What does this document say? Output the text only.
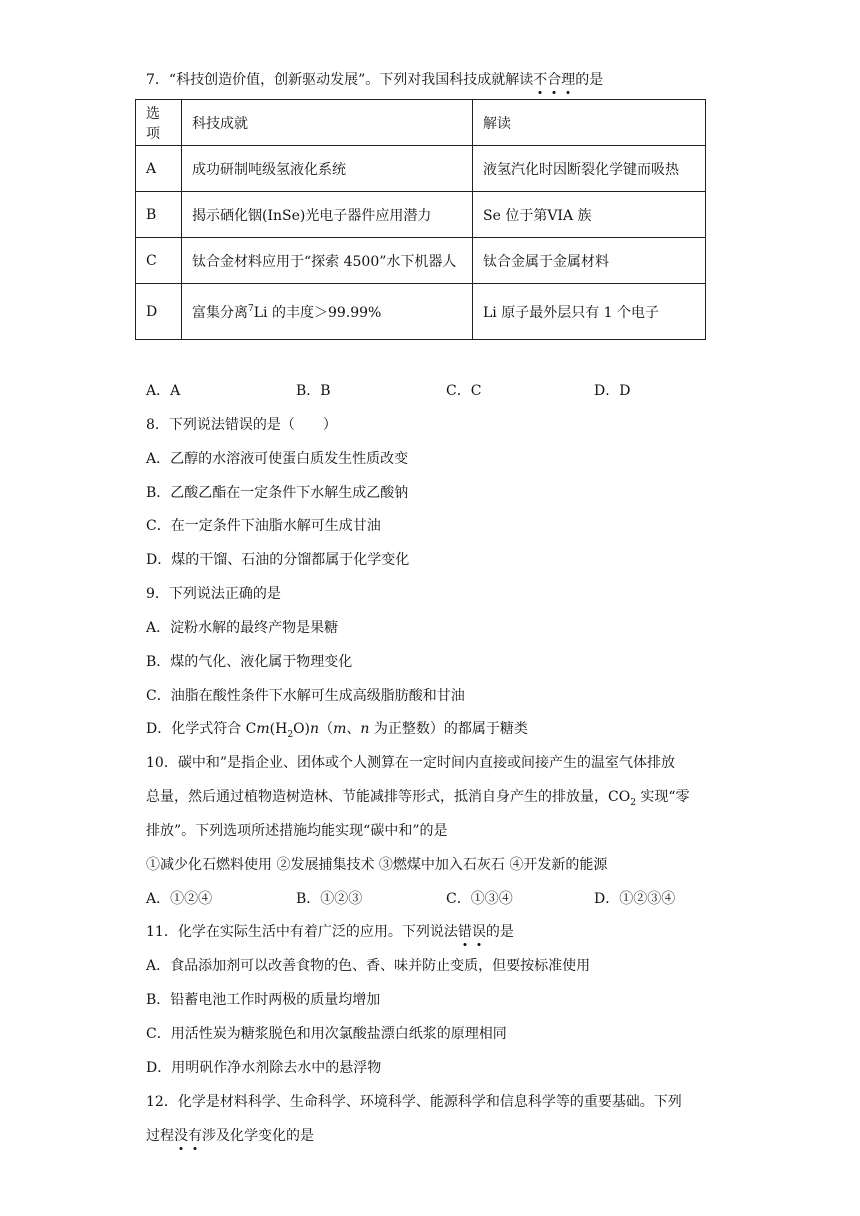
7．“科技创造价值，创新驱动发展”。下列对我国科技成就解读不合理的是
选项	科技成就	解读
A	成功研制吨级氢液化系统	液氢汽化时因断裂化学键而吸热
B	揭示硒化铟(InSe)光电子器件应用潜力	Se 位于第VIA 族
C	钛合金材料应用于“探索 4500”水下机器人	钛合金属于金属材料
D	富集分离$^7$Li 的丰度＞99.99%	Li 原子最外层只有 1 个电子
A．A	B．B	C．C	D．D
8．下列说法错误的是（　　）
A．乙醇的水溶液可使蛋白质发生性质改变
B．乙酸乙酯在一定条件下水解生成乙酸钠
C．在一定条件下油脂水解可生成甘油
D．煤的干馏、石油的分馏都属于化学变化
9．下列说法正确的是
A．淀粉水解的最终产物是果糖
B．煤的气化、液化属于物理变化
C．油脂在酸性条件下水解可生成高级脂肪酸和甘油
D．化学式符合 $Cm(H_2O)n(m$、n 为正整数）的都属于糖类
10．碳中和”是指企业、团体或个人测算在一定时间内直接或间接产生的温室气体排放
总量，然后通过植物造树造林、节能减排等形式，抵消自身产生的排放量，$CO_2$ 实现“零
排放”。下列选项所述措施均能实现“碳中和”的是
①减少化石燃料使用 ②发展捕集技术 ③燃煤中加入石灰石 ④开发新的能源
A．①②④	B．①②③	C．①③④	D．①②③④
11．化学在实际生活中有着广泛的应用。下列说法错误的是
A．食品添加剂可以改善食物的色、香、味并防止变质，但要按标准使用
B．铅蓄电池工作时两极的质量均增加
C．用活性炭为糖浆脱色和用次氯酸盐漂白纸浆的原理相同
D．用明矾作净水剂除去水中的悬浮物
12．化学是材料科学、生命科学、环境科学、能源科学和信息科学等的重要基础。下列
过程没有涉及化学变化的是
